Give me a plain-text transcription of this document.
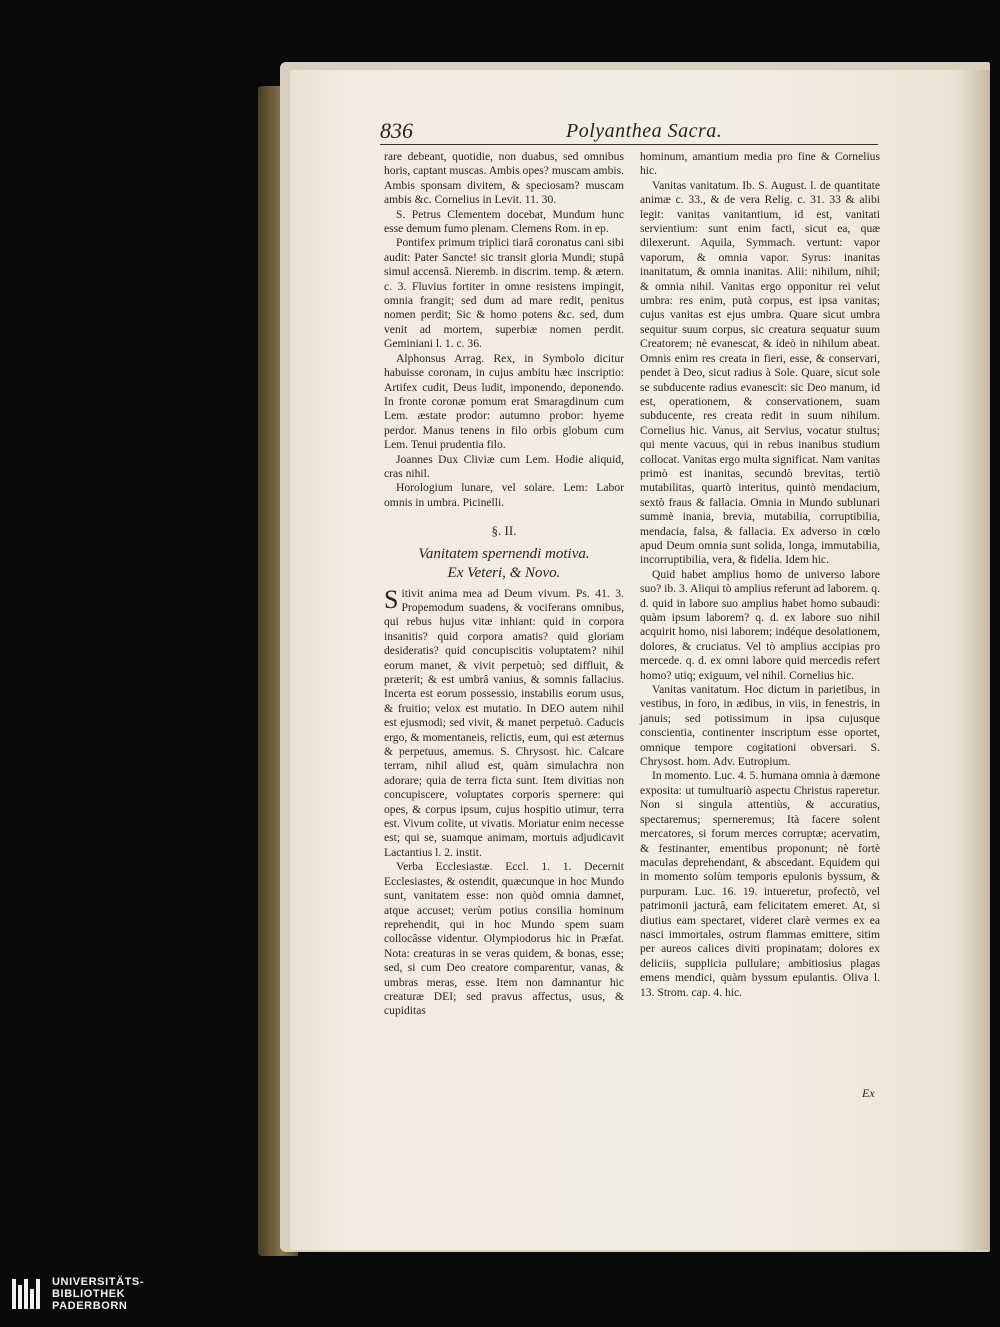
836	Polyanthea Sacra.

rare debeant, quotidie, non duabus, sed omnibus horis, captant muscas. Ambis opes? muscam ambis. Ambis sponsam divitem, & speciosam? muscam ambis &c. Cornelius in Levit. 11. 30.

S. Petrus Clementem docebat, Mundum hunc esse demum fumo plenam. Clemens Rom. in ep.

Pontifex primum triplici tiarâ coronatus cani sibi audit: Pater Sancte! sic transit gloria Mundi; stupâ simul accensâ. Nieremb. in discrim. temp. & ætern. c. 3. Fluvius fortiter in omne resistens impingit, omnia frangit; sed dum ad mare redit, penitus nomen perdit; Sic & homo potens &c. sed, dum venit ad mortem, superbiæ nomen perdit. Geminiani l. 1. c. 36.

Alphonsus Arrag. Rex, in Symbolo dicitur habuisse coronam, in cujus ambitu hæc inscriptio: Artifex cudit, Deus ludit, imponendo, deponendo. In fronte coronæ pomum erat Smaragdinum cum Lem. æstate prodor: autumno probor: hyeme perdor. Manus tenens in filo orbis globum cum Lem. Tenui prudentia filo.

Joannes Dux Cliviæ cum Lem. Hodie aliquid, cras nihil.

Horologium lunare, vel solare. Lem: Labor omnis in umbra. Picinelli.

§. II.
Vanitatem spernendi motiva.
Ex Veteri, & Novo.

Sitivit anima mea ad Deum vivum. Ps. 41. 3. Propemodum suadens, & vociferans omnibus, qui rebus hujus vitæ inhiant: quid in corpora insanitis? quid corpora amatis? quid gloriam desideratis? quid concupiscitis voluptatem? nihil eorum manet, & vivit perpetuò; sed diffluit, & præterit; & est umbrâ vanius, & somnis fallacius. Incerta est eorum possessio, instabilis eorum usus, & fruitio; velox est mutatio. In DEO autem nihil est ejusmodi; sed vivit, & manet perpetuò. Caducis ergo, & momentaneis, relictis, eum, qui est æternus & perpetuus, amemus. S. Chrysost. hic. Calcare terram, nihil aliud est, quàm simulachra non adorare; quia de terra ficta sunt. Item divitias non concupiscere, voluptates corporis spernere: qui opes, & corpus ipsum, cujus hospitio utimur, terra est. Vivum colite, ut vivatis. Moriatur enim necesse est; qui se, suamque animam, mortuis adjudicavit Lactantius l. 2. instit.

Verba Ecclesiastæ. Eccl. 1. 1. Decernit Ecclesiastes, & ostendit, quæcunque in hoc Mundo sunt, vanitatem esse: non quòd omnia damnet, atque accuset; verùm potius consilia hominum reprehendit, qui in hoc Mundo spem suam collocâsse videntur. Olympiodorus hic in Præfat. Nota: creaturas in se veras quidem, & bonas, esse; sed, si cum Deo creatore comparentur, vanas, & umbras meras, esse. Item non damnantur hic creaturæ DEI; sed pravus affectus, usus, & cupiditas

hominum, amantium media pro fine & Cornelius hic.

Vanitas vanitatum. Ib. S. August. l. de quantitate animæ c. 33., & de vera Relig. c. 31. 33 & alibi legit: vanitas vanitantium, id est, vanitati servientium: sunt enim facti, sicut ea, quæ dilexerunt. Aquila, Symmach. vertunt: vapor vaporum, & omnia vapor. Syrus: inanitas inanitatum, & omnia inanitas. Alii: nihilum, nihil; & omnia nihil. Vanitas ergo opponitur rei velut umbra: res enim, putà corpus, est ipsa vanitas; cujus vanitas est ejus umbra. Quare sicut umbra sequitur suum corpus, sic creatura sequatur suum Creatorem; nè evanescat, & ideò in nihilum abeat. Omnis enim res creata in fieri, esse, & conservari, pendet à Deo, sicut radius à Sole. Quare, sicut sole se subducente radius evanescit: sic Deo manum, id est, operationem, & conservationem, suam subducente, res creata redit in suum nihilum. Cornelius hic. Vanus, ait Servius, vocatur stultus; qui mente vacuus, qui in rebus inanibus studium collocat. Vanitas ergo multa significat. Nam vanitas primò est inanitas, secundò brevitas, tertiò mutabilitas, quartò interitus, quintò mendacium, sextò fraus & fallacia. Omnia in Mundo sublunari summè inania, brevia, mutabilia, corruptibilia, mendacia, falsa, & fallacia. Ex adverso in cœlo apud Deum omnia sunt solida, longa, immutabilia, incorruptibilia, vera, & fidelia. Idem hic.

Quid habet amplius homo de universo labore suo? ib. 3. Aliqui tò amplius referunt ad laborem. q. d. quid in labore suo amplius habet homo subaudi: quàm ipsum laborem? q. d. ex labore suo nihil acquirit homo, nisi laborem; indéque desolationem, dolores, & cruciatus. Vel tò amplius accipias pro mercede. q. d. ex omni labore quid mercedis refert homo? utiq; exiguum, vel nihil. Cornelius hic.

Vanitas vanitatum. Hoc dictum in parietibus, in vestibus, in foro, in ædibus, in viis, in fenestris, in januis; sed potissimum in ipsa cujusque conscientia, continenter inscriptum esse oportet, omnique tempore cogitationi obversari. S. Chrysost. hom. Adv. Eutropium.

In momento. Luc. 4. 5. humana omnia à dæmone exposita: ut tumultuariò aspectu Christus raperetur. Non si singula attentiùs, & accuratius, spectaremus; sperneremus; Ità facere solent mercatores, si forum merces corruptæ; acervatim, & festinanter, ementibus proponunt; nè fortè maculas deprehendant, & abscedant. Equidem qui in momento solùm temporis epulonis byssum, & purpuram. Luc. 16. 19. intueretur, profectò, vel patrimonii jacturâ, eam felicitatem emeret. At, si diutius eam spectaret, videret clarè vermes ex ea nasci immortales, ostrum flammas emittere, sitim per aureos calices diviti propinatam; dolores ex deliciis, supplicia pullulare; ambitiosius plagas emens mendici, quàm byssum epulantis. Oliva l. 13. Strom. cap. 4. hic.

Ex
UNIVERSITÄTS-
BIBLIOTHEK
PADERBORN
